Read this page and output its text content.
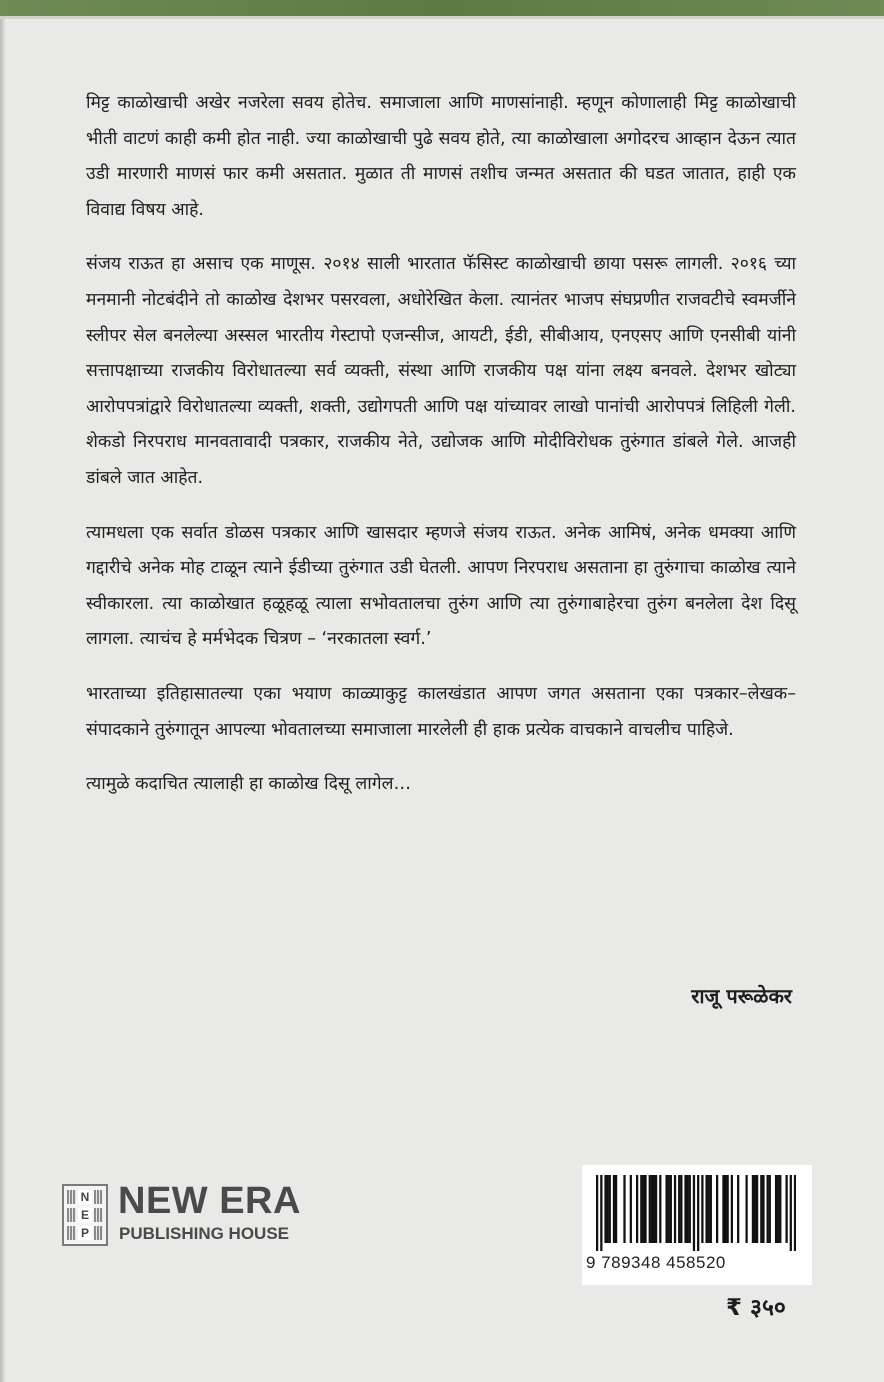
मिट्ट काळोखाची अखेर नजरेला सवय होतेच. समाजाला आणि माणसांनाही. म्हणून कोणालाही मिट्ट काळोखाची भीती वाटणं काही कमी होत नाही. ज्या काळोखाची पुढे सवय होते, त्या काळोखाला अगोदरच आव्हान देऊन त्यात उडी मारणारी माणसं फार कमी असतात. मुळात ती माणसं तशीच जन्मत असतात की घडत जातात, हाही एक विवाद्य विषय आहे.

संजय राऊत हा असाच एक माणूस. २०१४ साली भारतात फॅसिस्ट काळोखाची छाया पसरू लागली. २०१६ च्या मनमानी नोटबंदीने तो काळोख देशभर पसरवला, अधोरेखित केला. त्यानंतर भाजप संघप्रणीत राजवटीचे स्वमर्जीने स्लीपर सेल बनलेल्या अस्सल भारतीय गेस्टापो एजन्सीज, आयटी, ईडी, सीबीआय, एनएसए आणि एनसीबी यांनी सत्तापक्षाच्या राजकीय विरोधातल्या सर्व व्यक्ती, संस्था आणि राजकीय पक्ष यांना लक्ष्य बनवले. देशभर खोट्या आरोपपत्रांद्वारे विरोधातल्या व्यक्ती, शक्ती, उद्योगपती आणि पक्ष यांच्यावर लाखो पानांची आरोपपत्रं लिहिली गेली. शेकडो निरपराध मानवतावादी पत्रकार, राजकीय नेते, उद्योजक आणि मोदीविरोधक तुरुंगात डांबले गेले. आजही डांबले जात आहेत.

त्यामधला एक सर्वात डोळस पत्रकार आणि खासदार म्हणजे संजय राऊत. अनेक आमिषं, अनेक धमक्या आणि गद्दारीचे अनेक मोह टाळून त्याने ईडीच्या तुरुंगात उडी घेतली. आपण निरपराध असताना हा तुरुंगाचा काळोख त्याने स्वीकारला. त्या काळोखात हळूहळू त्याला सभोवतालचा तुरुंग आणि त्या तुरुंगाबाहेरचा तुरुंग बनलेला देश दिसू लागला. त्याचंच हे मर्मभेदक चित्रण – ‘नरकातला स्वर्ग.’

भारताच्या इतिहासातल्या एका भयाण काळ्याकुट्ट कालखंडात आपण जगत असताना एका पत्रकार–लेखक–संपादकाने तुरुंगातून आपल्या भोवतालच्या समाजाला मारलेली ही हाक प्रत्येक वाचकाने वाचलीच पाहिजे.

त्यामुळे कदाचित त्यालाही हा काळोख दिसू लागेल…

राजू परूळेकर
N
E
P
NEW ERA
PUBLISHING HOUSE
9 789348 458520
₹ ३५०
